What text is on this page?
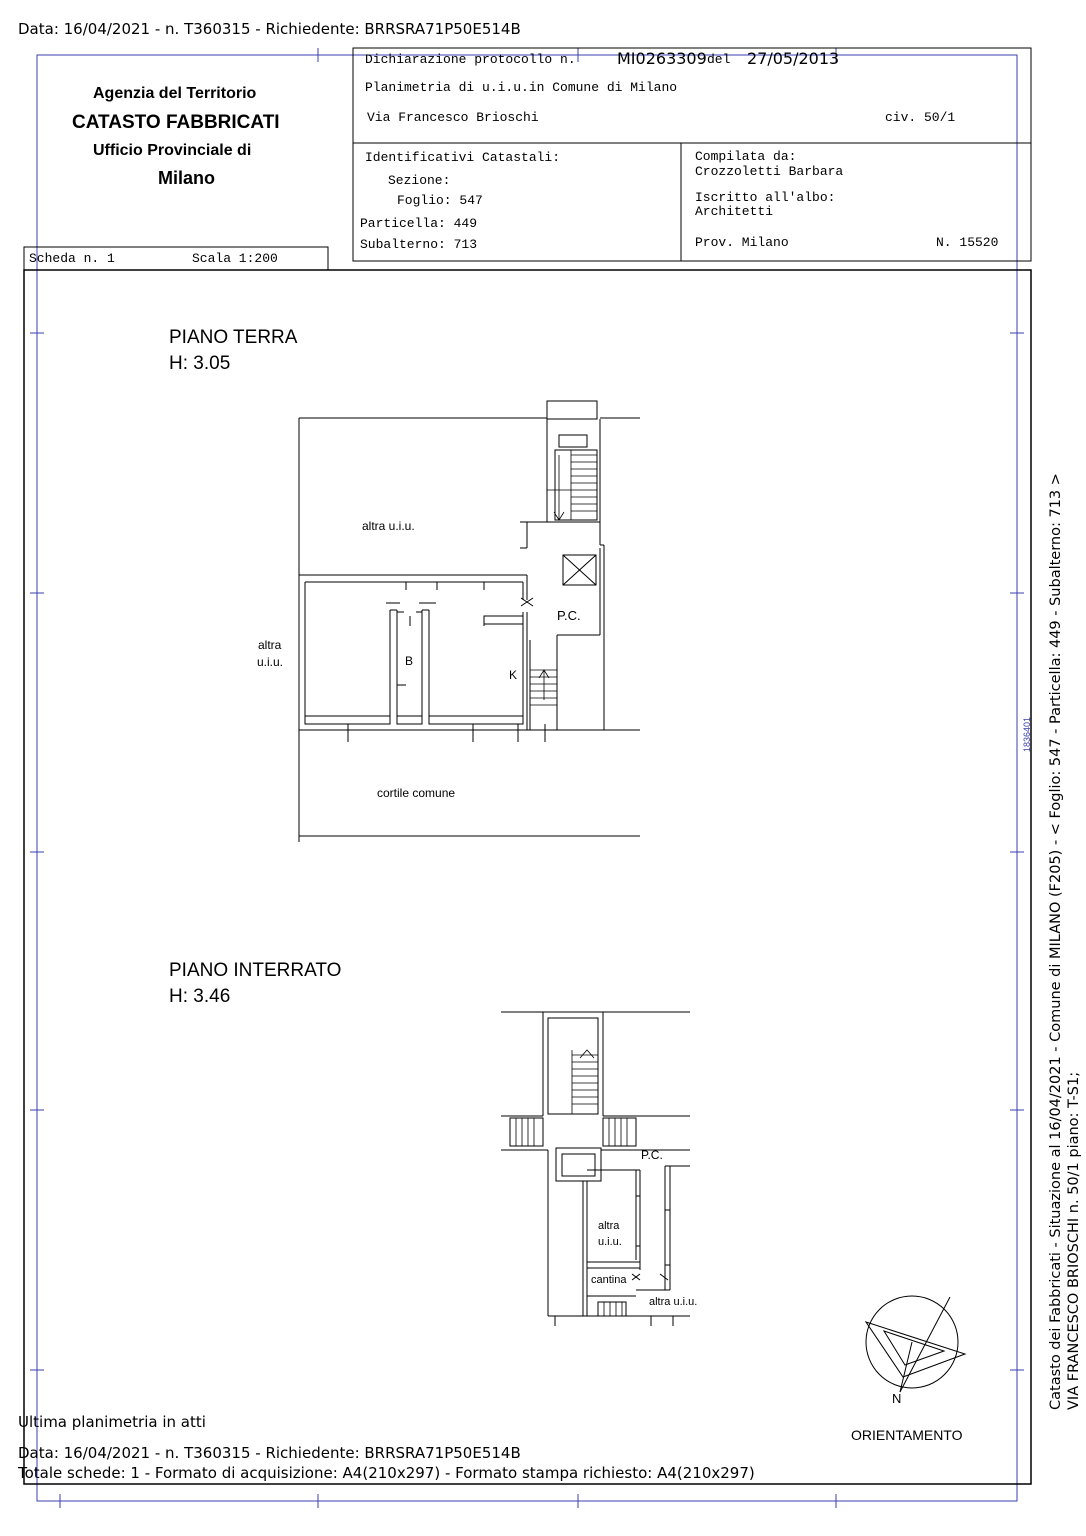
Data: 16/04/2021 - n. T360315 - Richiedente: BRRSRA71P50E514B
Agenzia del Territorio
CATASTO FABBRICATI
Ufficio Provinciale di
Milano
Dichiarazione protocollo n.	MI0263309 del 27/05/2013
Planimetria di u.i.u.in Comune di Milano
Via Francesco Brioschi	civ. 50/1
Identificativi Catastali:
Sezione:
Foglio: 547
Particella: 449
Subalterno: 713
Compilata da:
Crozzoletti Barbara
Iscritto all'albo:
Architetti
Prov. Milano	N. 15520
Scheda n. 1	Scala 1:200
PIANO TERRA
H: 3.05
altra u.i.u.
altra
u.i.u.
P.C.
B
K
cortile comune
PIANO INTERRATO
H: 3.46
P.C.
altra
u.i.u.
cantina
altra u.i.u.
N
ORIENTAMENTO
Catasto dei Fabbricati - Situazione al 16/04/2021 - Comune di MILANO (F205) - < Foglio: 547 - Particella: 449 - Subalterno: 713 > VIA FRANCESCO BRIOSCHI n. 50/1 piano: T-S1;
1836401
Ultima planimetria in atti
Data: 16/04/2021 - n. T360315 - Richiedente: BRRSRA71P50E514B
Totale schede: 1 - Formato di acquisizione: A4(210x297) - Formato stampa richiesto: A4(210x297)
